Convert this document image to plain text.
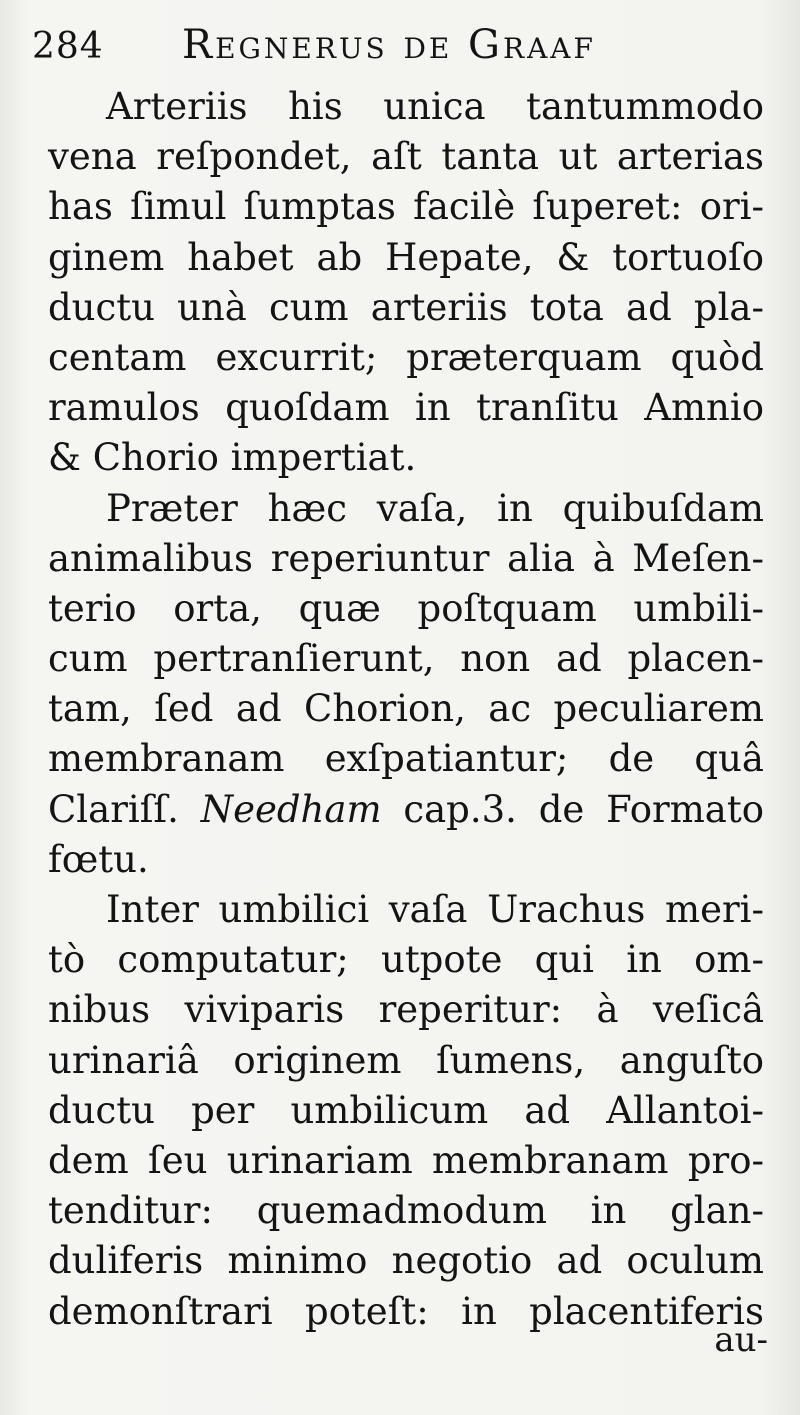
284	Regnerus de Graaf
Arteriis his unica tantummodo
vena reſpondet, aſt tanta ut arterias
has ſimul ſumptas facilè ſuperet: ori-
ginem habet ab Hepate, & tortuoſo
ductu unà cum arteriis tota ad pla-
centam excurrit; præterquam quòd
ramulos quoſdam in tranſitu Amnio
& Chorio impertiat.
Præter hæc vaſa, in quibuſdam
animalibus reperiuntur alia à Meſen-
terio orta, quæ poſtquam umbili-
cum pertranſierunt, non ad placen-
tam, ſed ad Chorion, ac peculiarem
membranam exſpatiantur; de quâ
Clariſſ. Needham cap.3. de Formato
fœtu.
Inter umbilici vaſa Urachus meri-
tò computatur; utpote qui in om-
nibus viviparis reperitur: à veſicâ
urinariâ originem ſumens, anguſto
ductu per umbilicum ad Allantoi-
dem ſeu urinariam membranam pro-
tenditur: quemadmodum in glan-
duliferis minimo negotio ad oculum
demonſtrari poteſt: in placentiferis
au-
